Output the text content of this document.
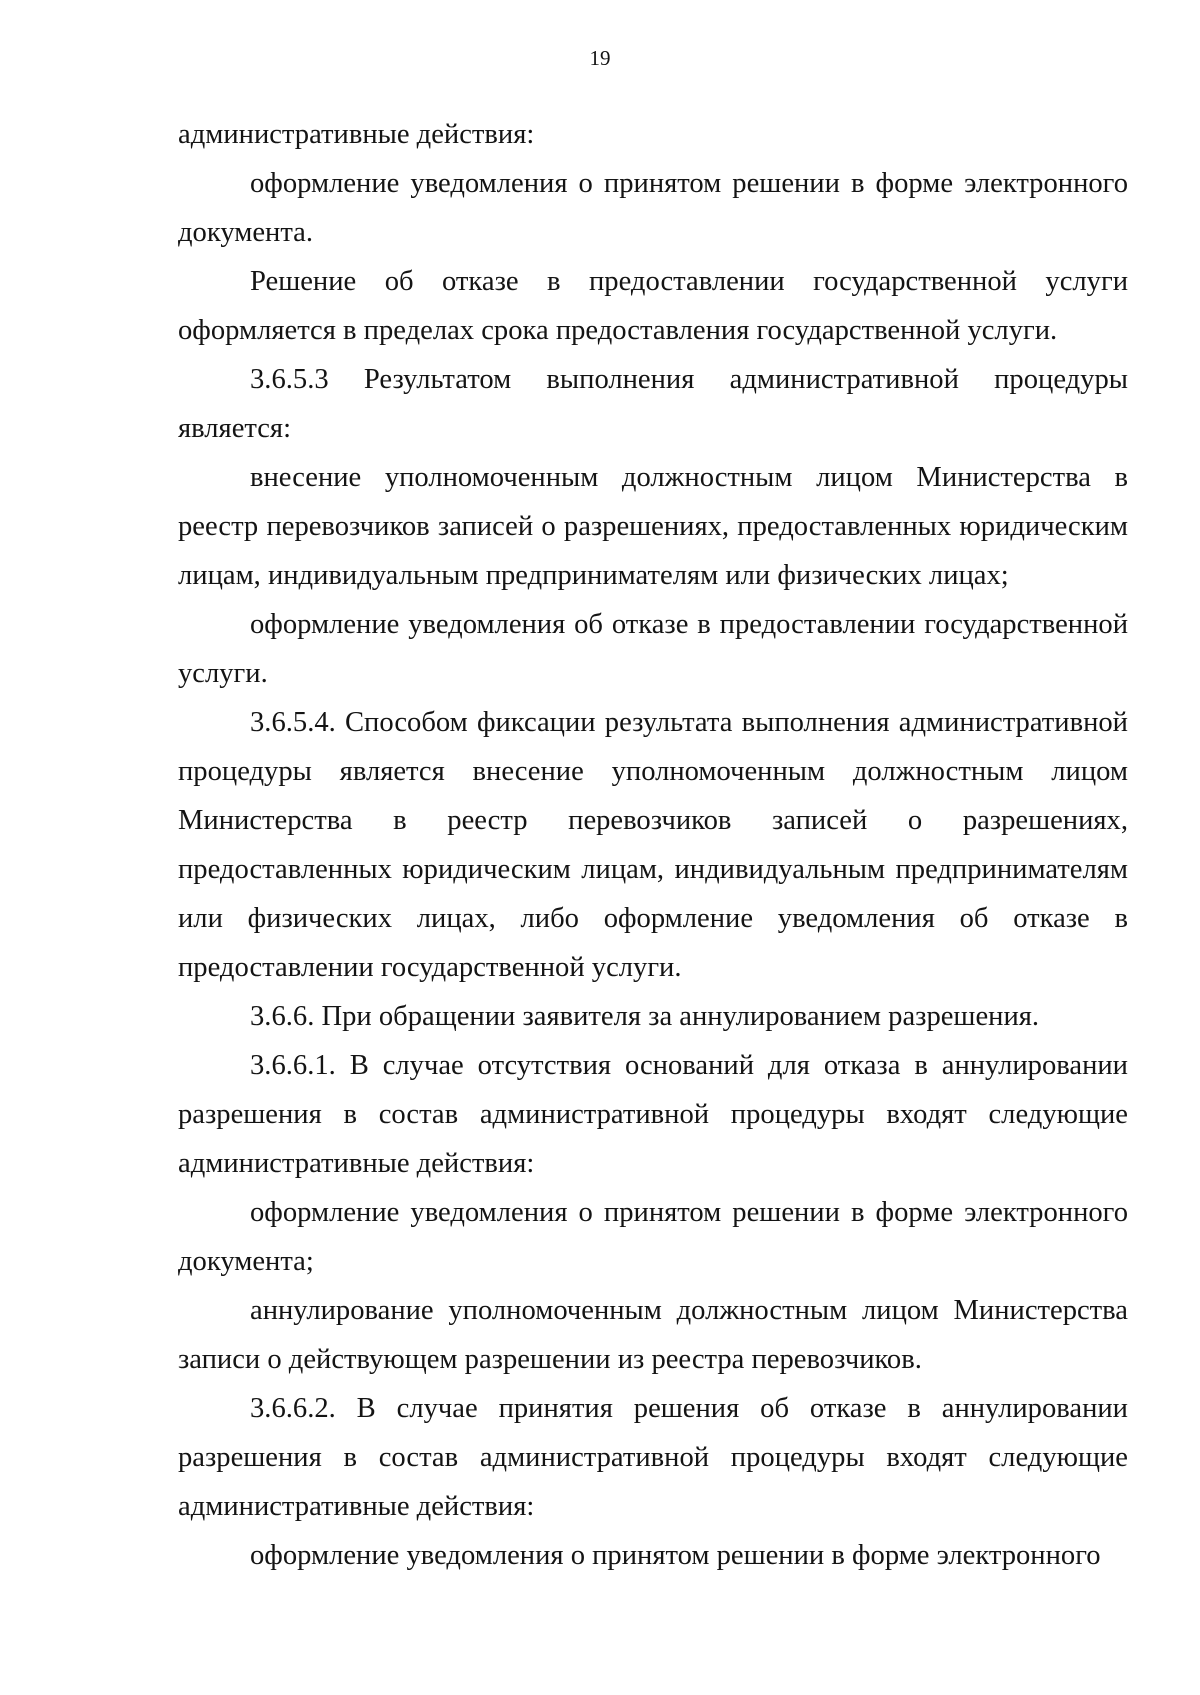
19

административные действия:

оформление уведомления о принятом решении в форме электронного документа.

Решение об отказе в предоставлении государственной услуги оформляется в пределах срока предоставления государственной услуги.

3.6.5.3 Результатом выполнения административной процедуры является:

внесение уполномоченным должностным лицом Министерства в реестр перевозчиков записей о разрешениях, предоставленных юридическим лицам, индивидуальным предпринимателям или физических лицах;

оформление уведомления об отказе в предоставлении государственной услуги.

3.6.5.4. Способом фиксации результата выполнения административной процедуры является внесение уполномоченным должностным лицом Министерства в реестр перевозчиков записей о разрешениях, предоставленных юридическим лицам, индивидуальным предпринимателям или физических лицах, либо оформление уведомления об отказе в предоставлении государственной услуги.

3.6.6. При обращении заявителя за аннулированием разрешения.

3.6.6.1. В случае отсутствия оснований для отказа в аннулировании разрешения в состав административной процедуры входят следующие административные действия:

оформление уведомления о принятом решении в форме электронного документа;

аннулирование уполномоченным должностным лицом Министерства записи о действующем разрешении из реестра перевозчиков.

3.6.6.2. В случае принятия решения об отказе в аннулировании разрешения в состав административной процедуры входят следующие административные действия:

оформление уведомления о принятом решении в форме электронного
